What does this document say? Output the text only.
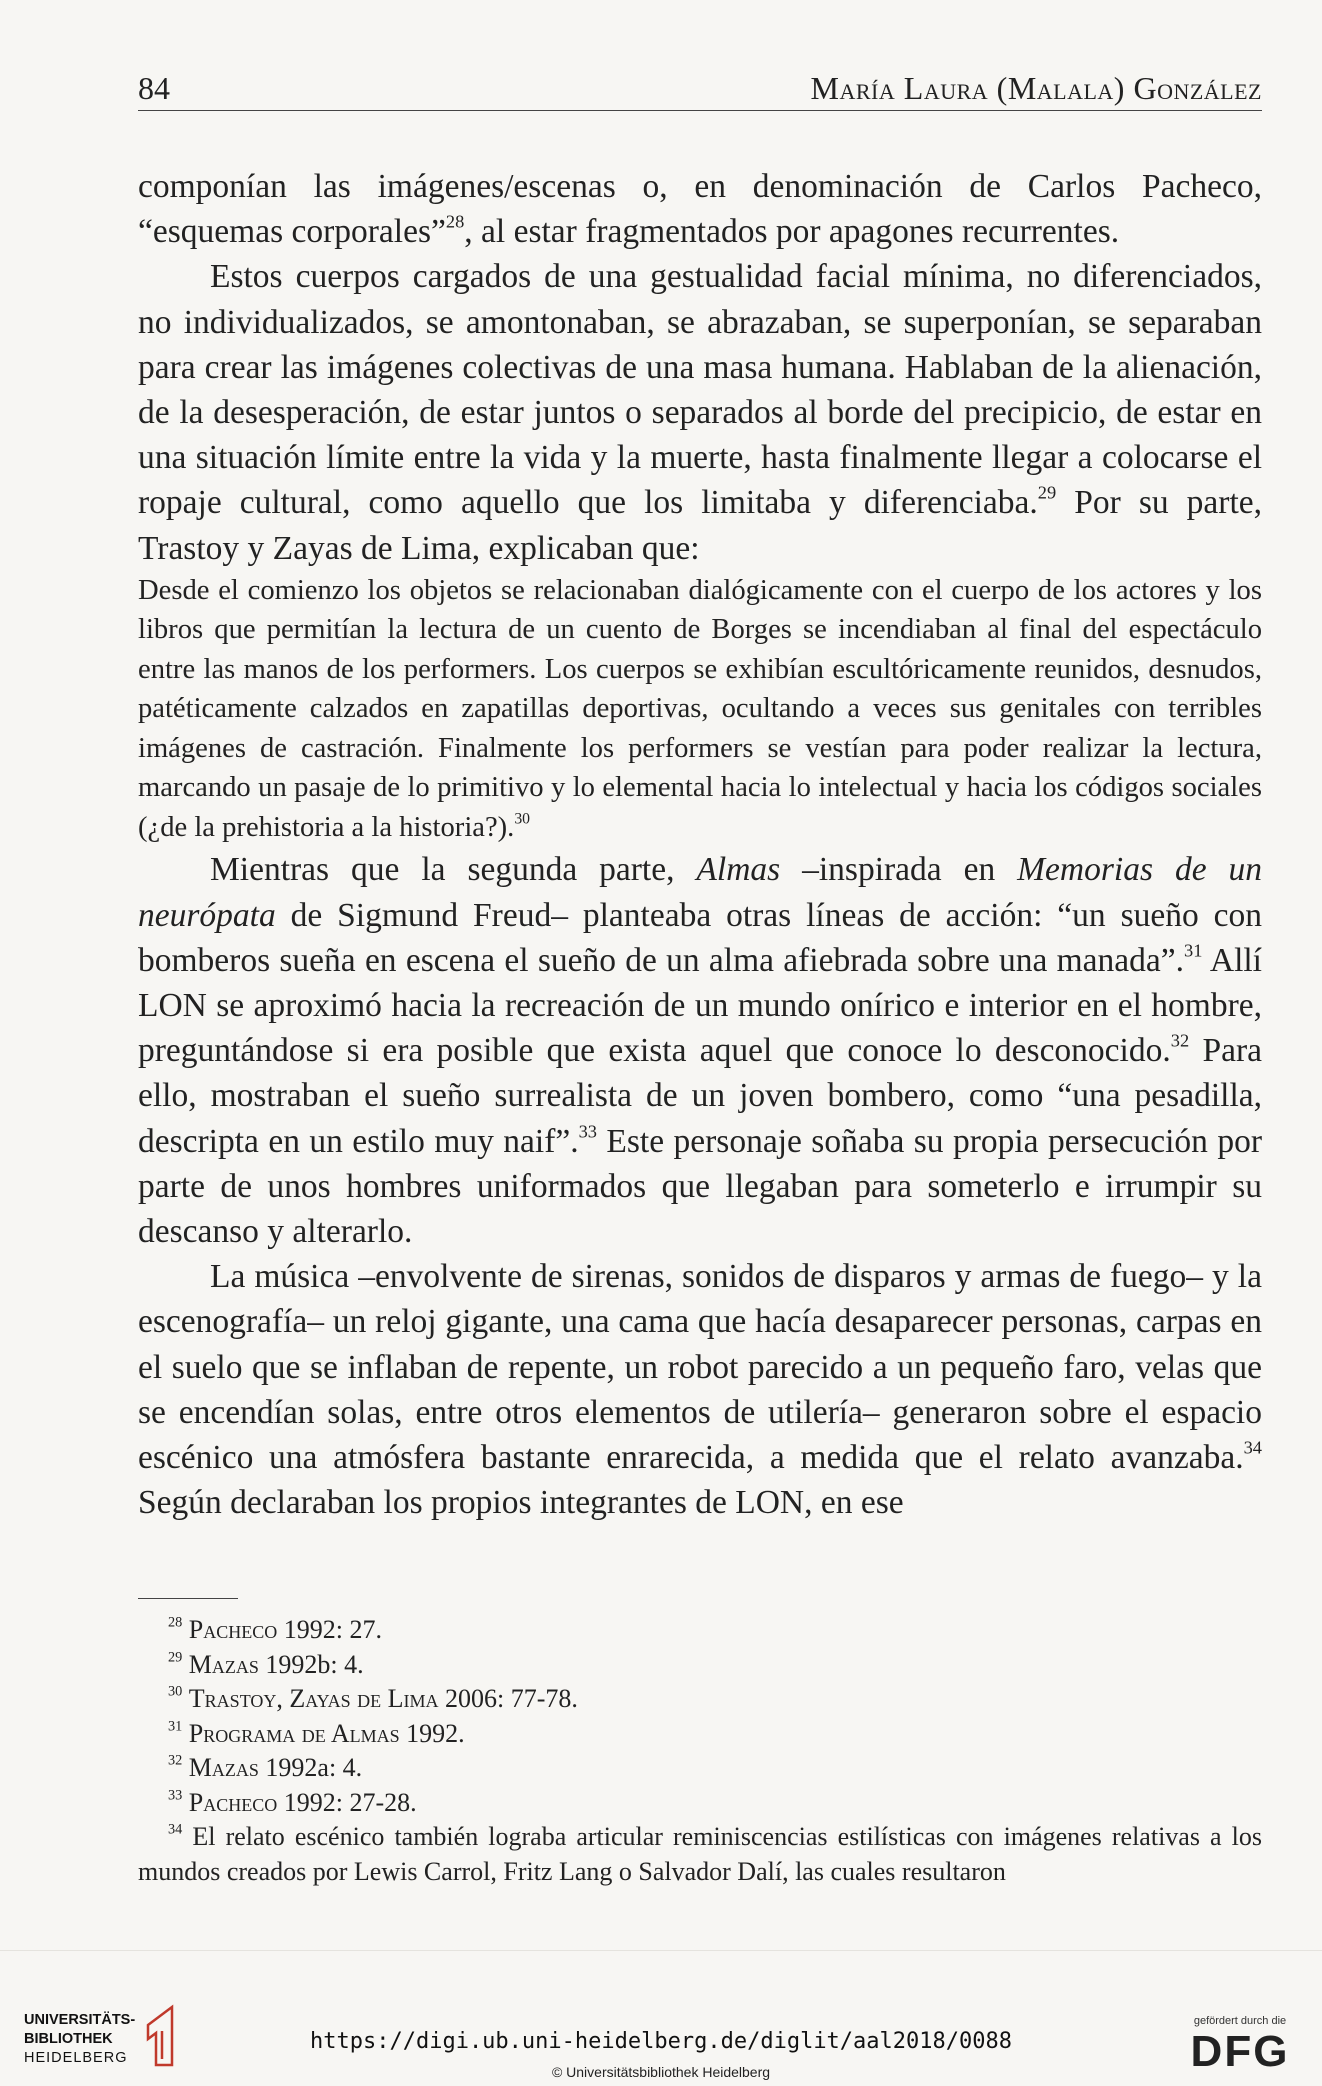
84	María Laura (Malala) González

componían las imágenes/escenas o, en denominación de Carlos Pacheco, “esquemas corporales”$^{28}$, al estar fragmentados por apagones recurrentes.

Estos cuerpos cargados de una gestualidad facial mínima, no diferenciados, no individualizados, se amontonaban, se abrazaban, se superponían, se separaban para crear las imágenes colectivas de una masa humana. Hablaban de la alienación, de la desesperación, de estar juntos o separados al borde del precipicio, de estar en una situación límite entre la vida y la muerte, hasta finalmente llegar a colocarse el ropaje cultural, como aquello que los limitaba y diferenciaba.$^{29}$ Por su parte, Trastoy y Zayas de Lima, explicaban que:

Desde el comienzo los objetos se relacionaban dialógicamente con el cuerpo de los actores y los libros que permitían la lectura de un cuento de Borges se incendiaban al final del espectáculo entre las manos de los performers. Los cuerpos se exhibían escultóricamente reunidos, desnudos, patéticamente calzados en zapatillas deportivas, ocultando a veces sus genitales con terribles imágenes de castración. Finalmente los performers se vestían para poder realizar la lectura, marcando un pasaje de lo primitivo y lo elemental hacia lo intelectual y hacia los códigos sociales (¿de la prehistoria a la historia?).$^{30}$

Mientras que la segunda parte, Almas –inspirada en Memorias de un neurópata de Sigmund Freud– planteaba otras líneas de acción: “un sueño con bomberos sueña en escena el sueño de un alma afiebrada sobre una manada”.$^{31}$ Allí LON se aproximó hacia la recreación de un mundo onírico e interior en el hombre, preguntándose si era posible que exista aquel que conoce lo desconocido.$^{32}$ Para ello, mostraban el sueño surrealista de un joven bombero, como “una pesadilla, descripta en un estilo muy naif”.$^{33}$ Este personaje soñaba su propia persecución por parte de unos hombres uniformados que llegaban para someterlo e irrumpir su descanso y alterarlo.

La música –envolvente de sirenas, sonidos de disparos y armas de fuego– y la escenografía– un reloj gigante, una cama que hacía desaparecer personas, carpas en el suelo que se inflaban de repente, un robot parecido a un pequeño faro, velas que se encendían solas, entre otros elementos de utilería– generaron sobre el espacio escénico una atmósfera bastante enrarecida, a medida que el relato avanzaba.$^{34}$ Según declaraban los propios integrantes de LON, en ese

$^{28}$ Pacheco 1992: 27.
$^{29}$ Mazas 1992b: 4.
$^{30}$ Trastoy, Zayas de Lima 2006: 77-78.
$^{31}$ Programa de Almas 1992.
$^{32}$ Mazas 1992a: 4.
$^{33}$ Pacheco 1992: 27-28.
$^{34}$ El relato escénico también lograba articular reminiscencias estilísticas con imágenes relativas a los mundos creados por Lewis Carrol, Fritz Lang o Salvador Dalí, las cuales resultaron
UNIVERSITÄTS-
BIBLIOTHEK
HEIDELBERG
https://digi.ub.uni-heidelberg.de/diglit/aal2018/0088
© Universitätsbibliothek Heidelberg
gefördert durch die
DFG
